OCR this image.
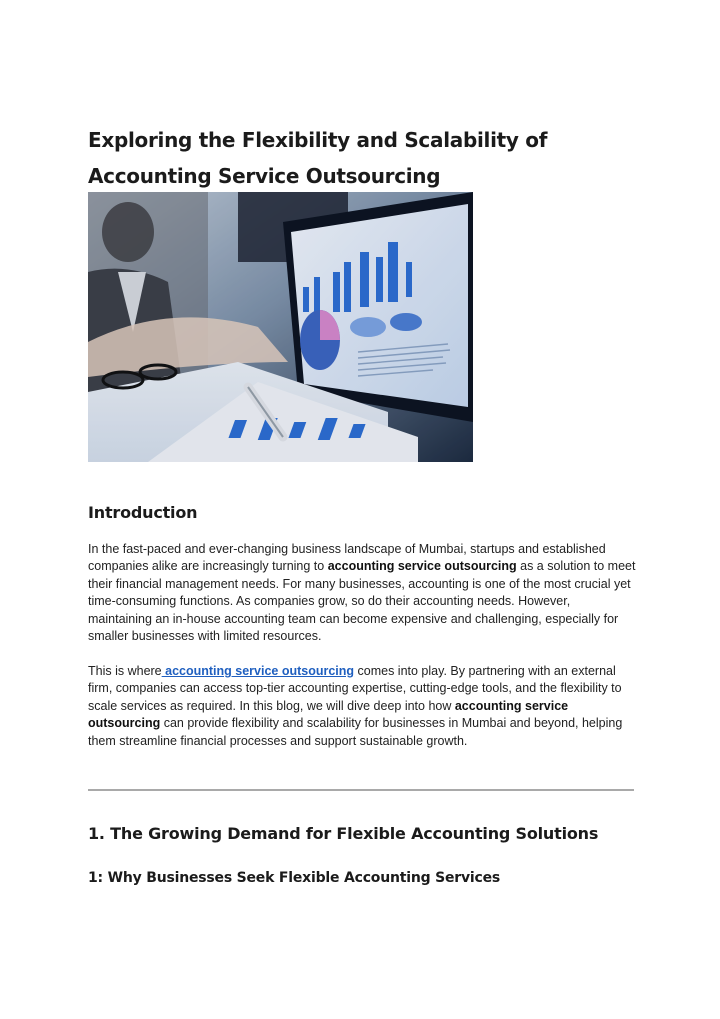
Exploring the Flexibility and Scalability of
Accounting Service Outsourcing
Introduction

In the fast-paced and ever-changing business landscape of Mumbai, startups and established companies alike are increasingly turning to accounting service outsourcing as a solution to meet their financial management needs. For many businesses, accounting is one of the most crucial yet time-consuming functions. As companies grow, so do their accounting needs. However, maintaining an in-house accounting team can become expensive and challenging, especially for smaller businesses with limited resources.

This is where accounting service outsourcing comes into play. By partnering with an external firm, companies can access top-tier accounting expertise, cutting-edge tools, and the flexibility to scale services as required. In this blog, we will dive deep into how accounting service outsourcing can provide flexibility and scalability for businesses in Mumbai and beyond, helping them streamline financial processes and support sustainable growth.

1. The Growing Demand for Flexible Accounting Solutions
1: Why Businesses Seek Flexible Accounting Services
